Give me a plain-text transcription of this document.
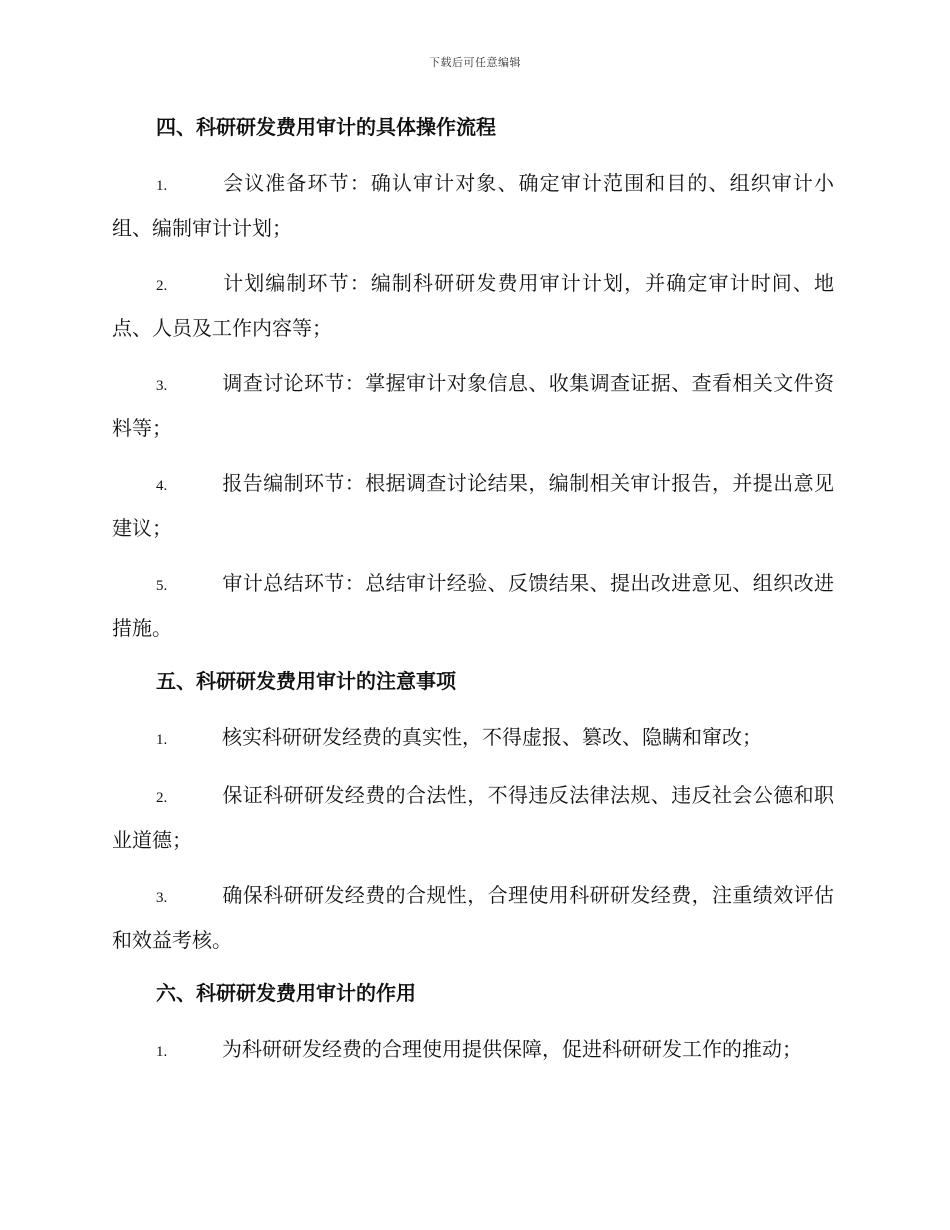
下载后可任意编辑
四、科研研发费用审计的具体操作流程
1.	会议准备环节：确认审计对象、确定审计范围和目的、组织审计小组、编制审计计划；
2.	计划编制环节：编制科研研发费用审计计划，并确定审计时间、地点、人员及工作内容等；
3.	调查讨论环节：掌握审计对象信息、收集调查证据、查看相关文件资料等；
4.	报告编制环节：根据调查讨论结果，编制相关审计报告，并提出意见建议；
5.	审计总结环节：总结审计经验、反馈结果、提出改进意见、组织改进措施。
五、科研研发费用审计的注意事项
1.	核实科研研发经费的真实性，不得虚报、篡改、隐瞒和窜改；
2.	保证科研研发经费的合法性，不得违反法律法规、违反社会公德和职业道德；
3.	确保科研研发经费的合规性，合理使用科研研发经费，注重绩效评估和效益考核。
六、科研研发费用审计的作用
1.	为科研研发经费的合理使用提供保障，促进科研研发工作的推动；
